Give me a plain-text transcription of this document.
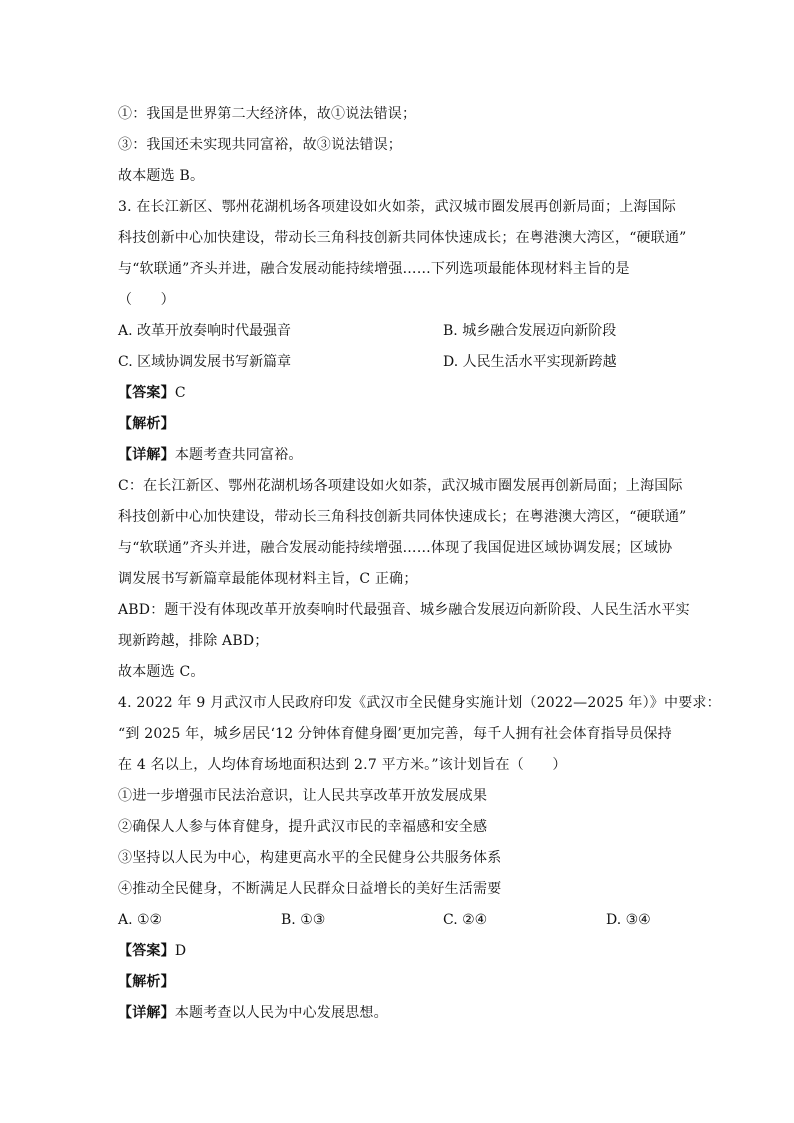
①：我国是世界第二大经济体，故①说法错误；
③：我国还未实现共同富裕，故③说法错误；
故本题选 B。
3. 在长江新区、鄂州花湖机场各项建设如火如荼，武汉城市圈发展再创新局面；上海国际
科技创新中心加快建设，带动长三角科技创新共同体快速成长；在粤港澳大湾区，“硬联通”
与“软联通”齐头并进，融合发展动能持续增强……下列选项最能体现材料主旨的是
（　　）
A. 改革开放奏响时代最强音	B. 城乡融合发展迈向新阶段
C. 区域协调发展书写新篇章	D. 人民生活水平实现新跨越
【答案】C
【解析】
【详解】本题考查共同富裕。
C：在长江新区、鄂州花湖机场各项建设如火如荼，武汉城市圈发展再创新局面；上海国际
科技创新中心加快建设，带动长三角科技创新共同体快速成长；在粤港澳大湾区，“硬联通”
与“软联通”齐头并进，融合发展动能持续增强……体现了我国促进区域协调发展；区域协
调发展书写新篇章最能体现材料主旨，C 正确；
ABD：题干没有体现改革开放奏响时代最强音、城乡融合发展迈向新阶段、人民生活水平实
现新跨越，排除 ABD；
故本题选 C。
4. 2022 年 9 月武汉市人民政府印发《武汉市全民健身实施计划（2022—2025 年）》中要求：
“到 2025 年，城乡居民‘12 分钟体育健身圈’更加完善，每千人拥有社会体育指导员保持
在 4 名以上，人均体育场地面积达到 2.7 平方米。”该计划旨在（　　）
①进一步增强市民法治意识，让人民共享改革开放发展成果
②确保人人参与体育健身，提升武汉市民的幸福感和安全感
③坚持以人民为中心，构建更高水平的全民健身公共服务体系
④推动全民健身，不断满足人民群众日益增长的美好生活需要
A. ①②	B. ①③	C. ②④	D. ③④
【答案】D
【解析】
【详解】本题考查以人民为中心发展思想。
